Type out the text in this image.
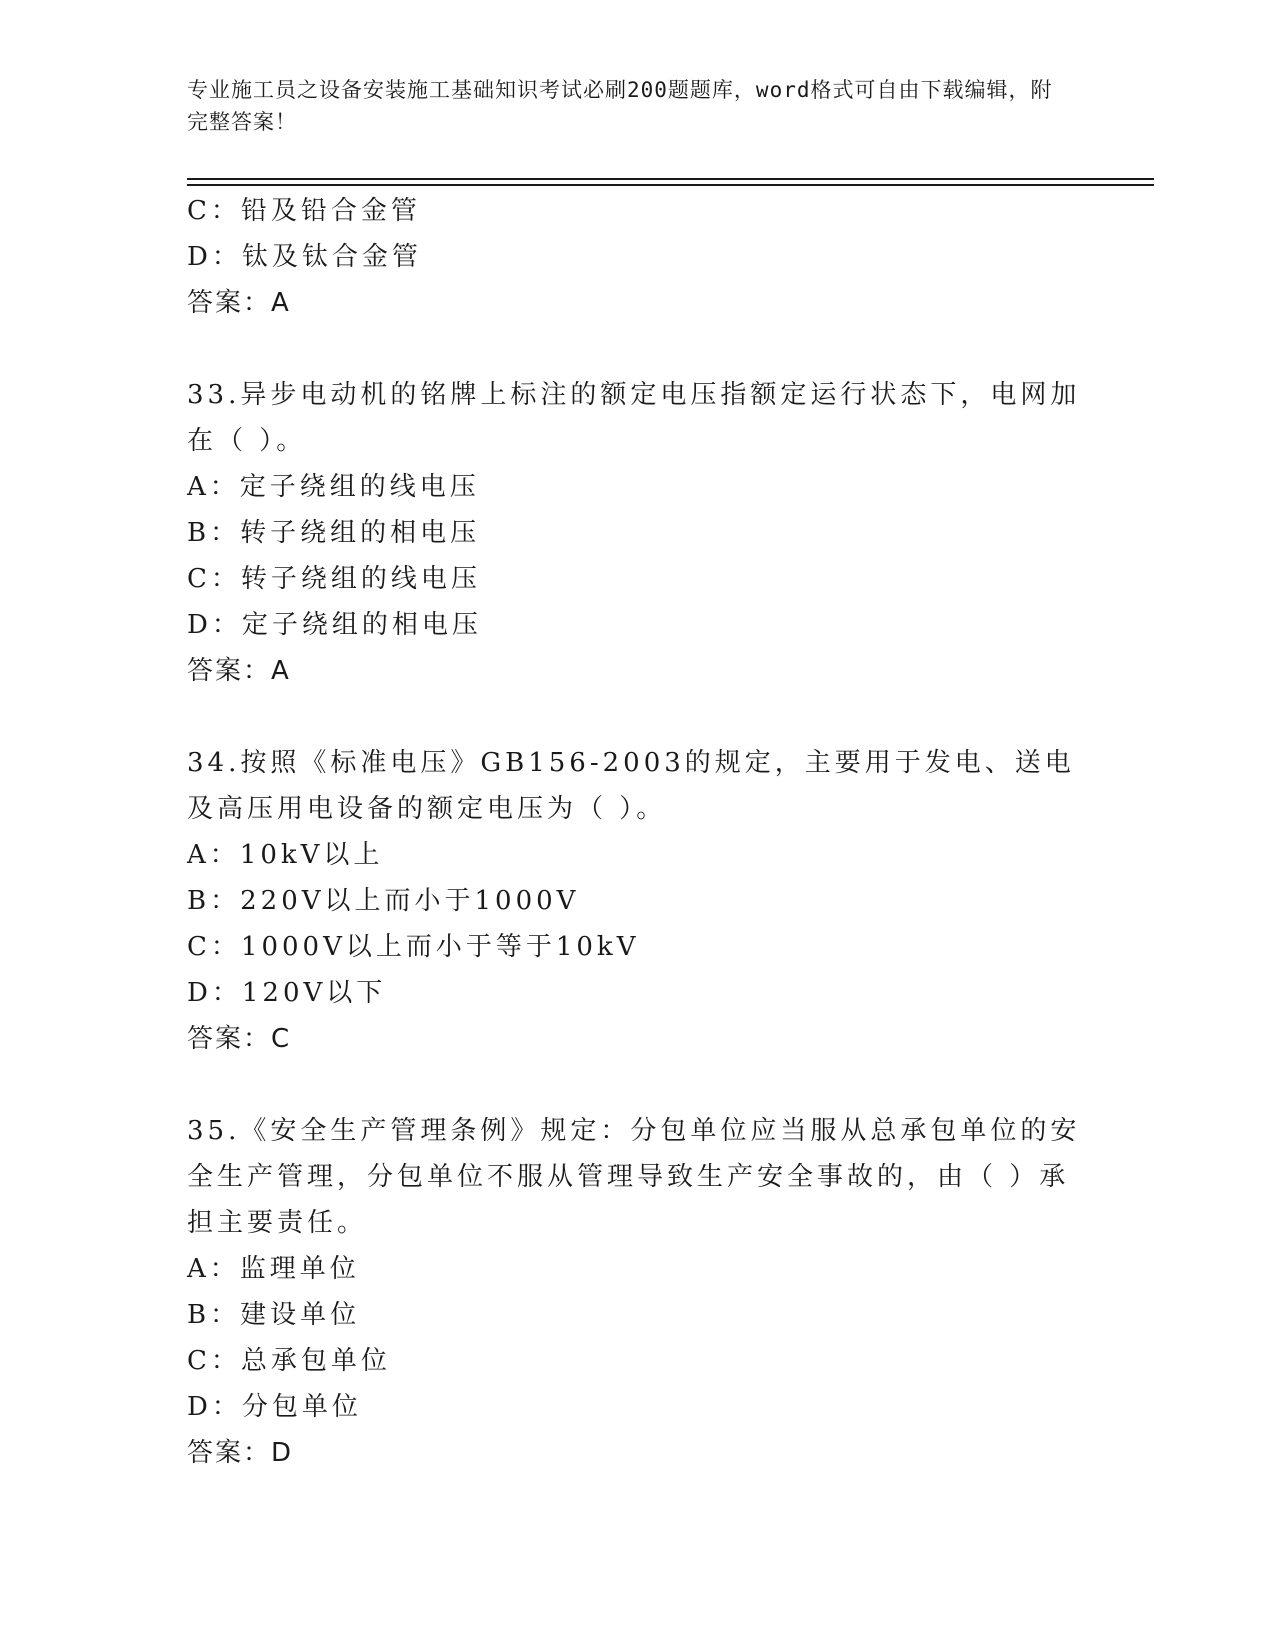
专业施工员之设备安装施工基础知识考试必刷200题题库，word格式可自由下载编辑，附完整答案！
C：铅及铅合金管
D：钛及钛合金管
答案：A
33.异步电动机的铭牌上标注的额定电压指额定运行状态下，电网加在（ ）。
A：定子绕组的线电压
B：转子绕组的相电压
C：转子绕组的线电压
D：定子绕组的相电压
答案：A
34.按照《标准电压》GB156-2003的规定，主要用于发电、送电及高压用电设备的额定电压为（ ）。
A：10kV以上
B：220V以上而小于1000V
C：1000V以上而小于等于10kV
D：120V以下
答案：C
35.《安全生产管理条例》规定：分包单位应当服从总承包单位的安全生产管理，分包单位不服从管理导致生产安全事故的，由（ ）承担主要责任。
A：监理单位
B：建设单位
C：总承包单位
D：分包单位
答案：D
